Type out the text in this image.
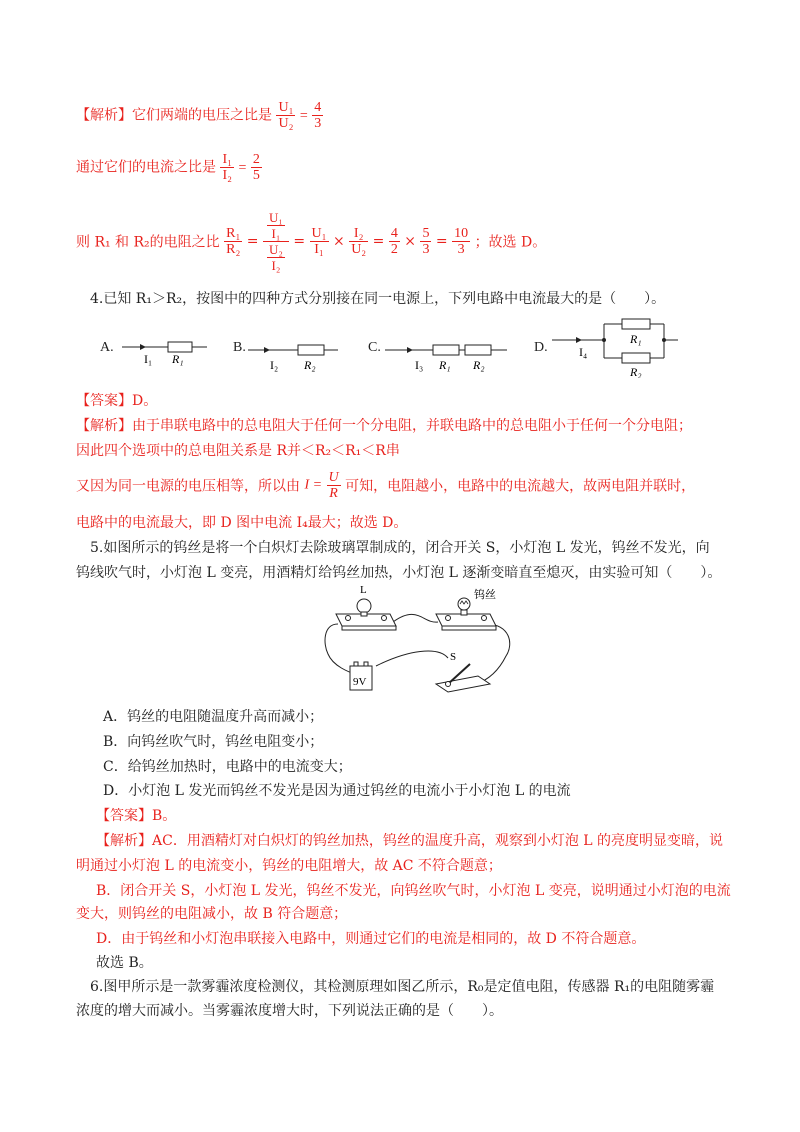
【解析】它们两端的电压之比是 $\frac{\text{U₁}}{\text{U₂}} = \frac{4}{3}$
通过它们的电流之比是 $\frac{\text{I₁}}{\text{I₂}} = \frac{2}{5}$
则 R₁ 和 R₂的电阻之比 $\frac{\text{R₁}}{\text{R₂}} = \frac{\frac{\text{U₁}}{\text{I₁}}}{\frac{\text{U₂}}{\text{I₂}}} = \frac{\text{U₁}}{\text{I₁}} \times \frac{\text{I₂}}{\text{U₂}} = \frac{4}{2} \times \frac{5}{3} = \frac{10}{3}$ ；故选 D。
4.已知 R₁＞R₂，按图中的四种方式分别接在同一电源上，下列电路中电流最大的是（　　）。
A.
I₁ R₁
B.
I₂ R₂
C.
I₃ R₁ R₂
D.	I₄
R₁
R₂
【答案】D。
【解析】由于串联电路中的总电阻大于任何一个分电阻，并联电路中的总电阻小于任何一个分电阻；
因此四个选项中的总电阻关系是 R并＜R₂＜R₁＜R串
又因为同一电源的电压相等，所以由 $I = \frac{U}{R}$ 可知，电阻越小，电路中的电流越大，故两电阻并联时，
电路中的电流最大，即 D 图中电流 I₄最大；故选 D。
5.如图所示的钨丝是将一个白炽灯去除玻璃罩制成的，闭合开关 S，小灯泡 L 发光，钨丝不发光，向
钨线吹气时，小灯泡 L 变亮，用酒精灯给钨丝加热，小灯泡 L 逐渐变暗直至熄灭，由实验可知（　　）。
L	钨丝
9V
S
A．钨丝的电阻随温度升高而减小；
B．向钨丝吹气时，钨丝电阻变小；
C．给钨丝加热时，电路中的电流变大；
D．小灯泡 L 发光而钨丝不发光是因为通过钨丝的电流小于小灯泡 L 的电流
【答案】B。
【解析】AC．用酒精灯对白炽灯的钨丝加热，钨丝的温度升高，观察到小灯泡 L 的亮度明显变暗，说
明通过小灯泡 L 的电流变小，钨丝的电阻增大，故 AC 不符合题意；
B．闭合开关 S，小灯泡 L 发光，钨丝不发光，向钨丝吹气时，小灯泡 L 变亮，说明通过小灯泡的电流
变大，则钨丝的电阻减小，故 B 符合题意；
D．由于钨丝和小灯泡串联接入电路中，则通过它们的电流是相同的，故 D 不符合题意。
故选 B。
6.图甲所示是一款雾霾浓度检测仪，其检测原理如图乙所示，R₀是定值电阻，传感器 R₁的电阻随雾霾
浓度的增大而减小。当雾霾浓度增大时，下列说法正确的是（　　）。
